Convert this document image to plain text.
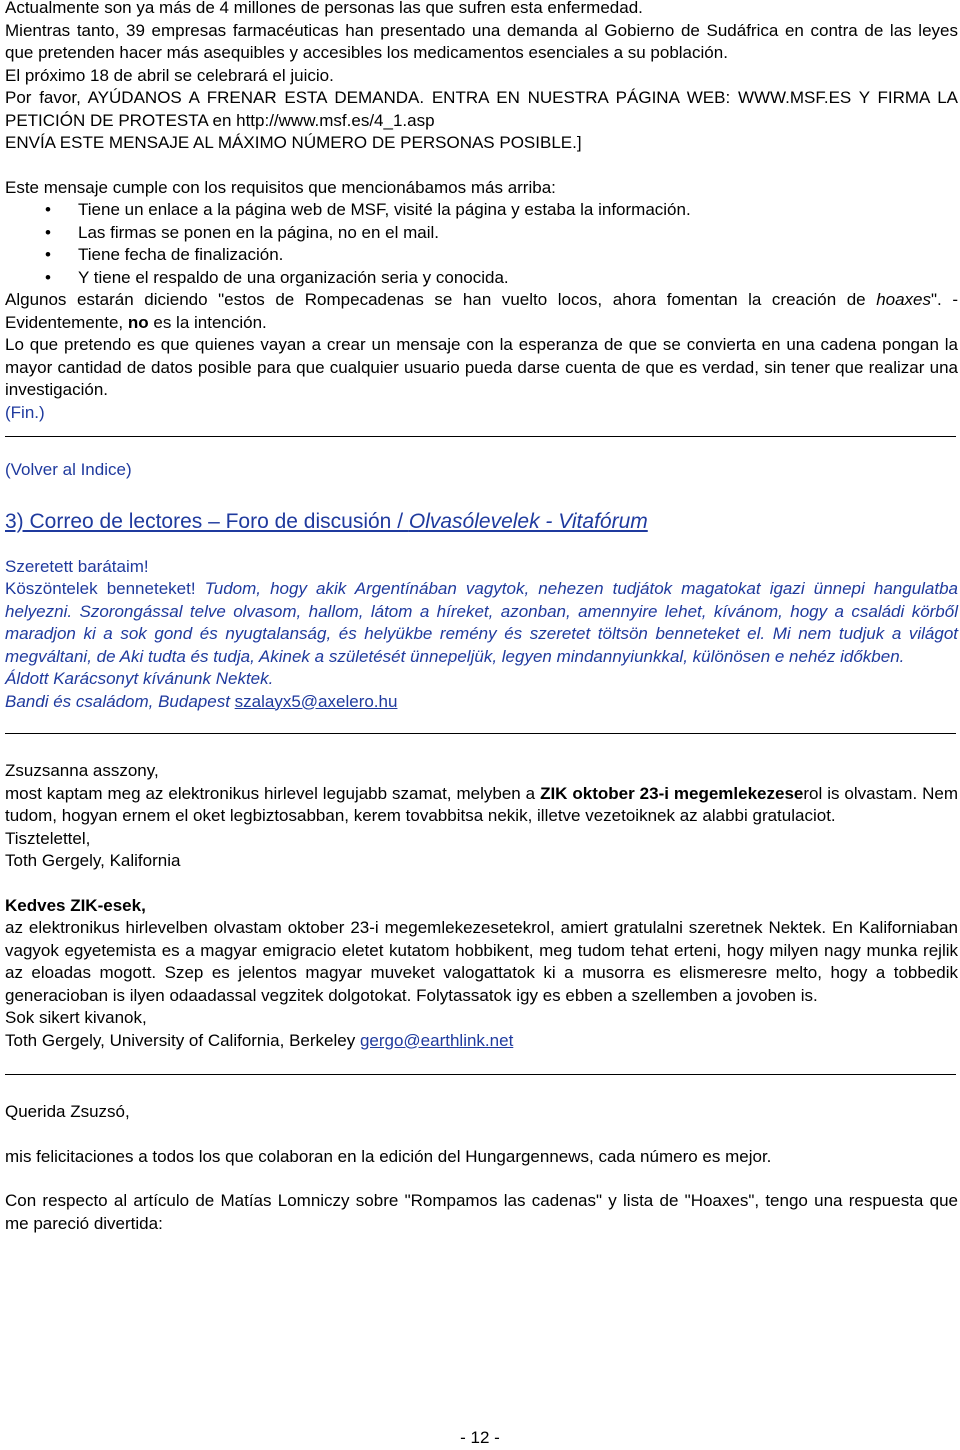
Actualmente son ya más de 4 millones de personas las que sufren esta enfermedad.

Mientras tanto, 39 empresas farmacéuticas han presentado una demanda al Gobierno de Sudáfrica en contra de las leyes que pretenden hacer más asequibles y accesibles los medicamentos esenciales a su población.

El próximo 18 de abril se celebrará el juicio.

Por favor, AYÚDANOS A FRENAR ESTA DEMANDA. ENTRA EN NUESTRA PÁGINA WEB: WWW.MSF.ES Y FIRMA LA PETICIÓN DE PROTESTA en http://www.msf.es/4_1.asp

ENVÍA ESTE MENSAJE AL MÁXIMO NÚMERO DE PERSONAS POSIBLE.]

Este mensaje cumple con los requisitos que mencionábamos más arriba:

• Tiene un enlace a la página web de MSF, visité la página y estaba la información.
• Las firmas se ponen en la página, no en el mail.
• Tiene fecha de finalización.
• Y tiene el respaldo de una organización seria y conocida.

Algunos estarán diciendo "estos de Rompecadenas se han vuelto locos, ahora fomentan la creación de hoaxes". - Evidentemente, no es la intención.

Lo que pretendo es que quienes vayan a crear un mensaje con la esperanza de que se convierta en una cadena pongan la mayor cantidad de datos posible para que cualquier usuario pueda darse cuenta de que es verdad, sin tener que realizar una investigación.

(Fin.)

(Volver al Indice)

3) Correo de lectores – Foro de discusión / Olvasólevelek - Vitafórum

Szeretett barátaim!

Köszöntelek benneteket! Tudom, hogy akik Argentínában vagytok, nehezen tudjátok magatokat igazi ünnepi hangulatba helyezni. Szorongással telve olvasom, hallom, látom a híreket, azonban, amennyire lehet, kívánom, hogy a családi körből maradjon ki a sok gond és nyugtalanság, és helyükbe remény és szeretet töltsön benneteket el. Mi nem tudjuk a világot megváltani, de Aki tudta és tudja, Akinek a születését ünnepeljük, legyen mindannyiunkkal, különösen e nehéz időkben.

Áldott Karácsonyt kívánunk Nektek.

Bandi és családom, Budapest szalayx5@axelero.hu

Zsuzsanna asszony,

most kaptam meg az elektronikus hirlevel legujabb szamat, melyben a ZIK oktober 23-i megemlekezeserol is olvastam. Nem tudom, hogyan ernem el oket legbiztosabban, kerem tovabbitsa nekik, illetve vezetoiknek az alabbi gratulaciot.

Tisztelettel,

Toth Gergely, Kalifornia

Kedves ZIK-esek,

az elektronikus hirlevelben olvastam oktober 23-i megemlekezesetekrol, amiert gratulalni szeretnek Nektek. En Kaliforniaban vagyok egyetemista es a magyar emigracio eletet kutatom hobbikent, meg tudom tehat erteni, hogy milyen nagy munka rejlik az eloadas mogott. Szep es jelentos magyar muveket valogattatok ki a musorra es elismeresre melto, hogy a tobbedik generacioban is ilyen odaadassal vegzitek dolgotokat. Folytassatok igy es ebben a szellemben a jovoben is.

Sok sikert kivanok,

Toth Gergely, University of California, Berkeley gergo@earthlink.net

Querida Zsuzsó,

mis felicitaciones a todos los que colaboran en la edición del Hungargennews, cada número es mejor.

Con respecto al artículo de Matías Lomniczy sobre "Rompamos las cadenas" y lista de "Hoaxes", tengo una respuesta que me pareció divertida:

- 12 -
